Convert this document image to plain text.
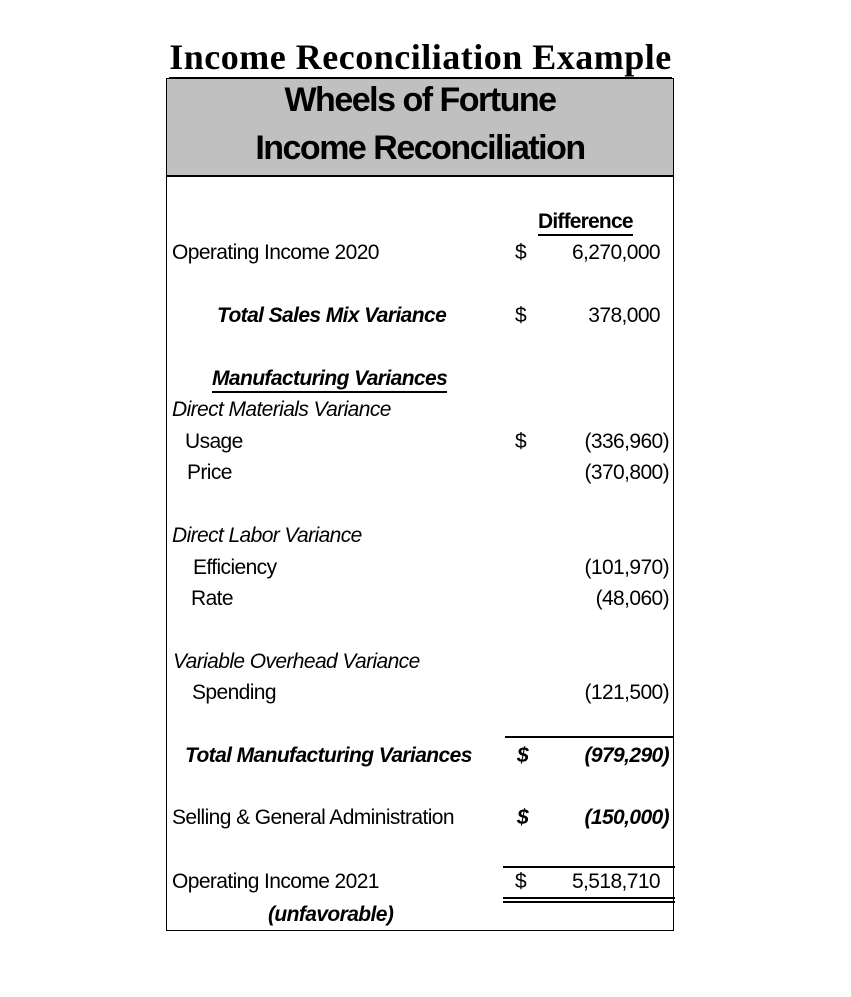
Income Reconciliation Example
Wheels of Fortune
Income Reconciliation
Difference
Operating Income 2020	$ 6,270,000
Total Sales Mix Variance	$	378,000
Manufacturing Variances
Direct Materials Variance
Usage	$	(336,960)
Price	(370,800)
Direct Labor Variance
Efficiency	(101,970)
Rate	(48,060)
Variable Overhead Variance
Spending	(121,500)
Total Manufacturing Variances $	(979,290)
Selling & General Administration	$	(150,000)
Operating Income 2021	$ 5,518,710
(unfavorable)
